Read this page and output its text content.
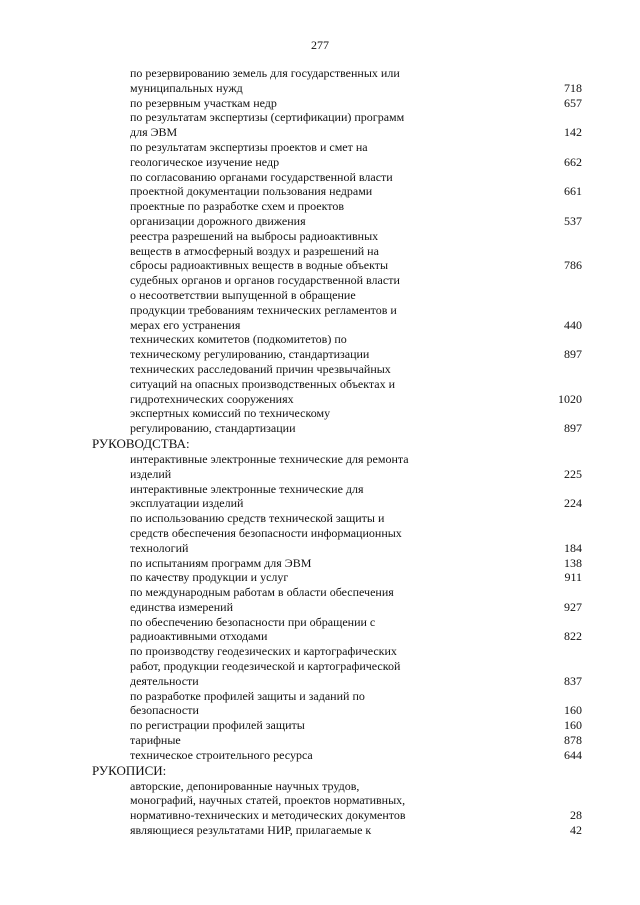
277
по резервированию земель для государственных или
муниципальных нужд	718
по резервным участкам недр	657
по результатам экспертизы (сертификации) программ
для ЭВМ	142
по результатам экспертизы проектов и смет на
геологическое изучение недр	662
по согласованию органами государственной власти
проектной документации пользования недрами	661
проектные по разработке схем и проектов
организации дорожного движения	537
реестра разрешений на выбросы радиоактивных
веществ в атмосферный воздух и разрешений на
сбросы радиоактивных веществ в водные объекты	786
судебных органов и органов государственной власти
о несоответствии выпущенной в обращение
продукции требованиям технических регламентов и
мерах его устранения	440
технических комитетов (подкомитетов) по
техническому регулированию, стандартизации	897
технических расследований причин чрезвычайных
ситуаций на опасных производственных объектах и
гидротехнических сооружениях	1020
экспертных комиссий по техническому
регулированию, стандартизации	897
РУКОВОДСТВА:
интерактивные электронные технические для ремонта
изделий	225
интерактивные электронные технические для
эксплуатации изделий	224
по использованию средств технической защиты и
средств обеспечения безопасности информационных
технологий	184
по испытаниям программ для ЭВМ	138
по качеству продукции и услуг	911
по международным работам в области обеспечения
единства измерений	927
по обеспечению безопасности при обращении с
радиоактивными отходами	822
по производству геодезических и картографических
работ, продукции геодезической и картографической
деятельности	837
по разработке профилей защиты и заданий по
безопасности	160
по регистрации профилей защиты	160
тарифные	878
техническое строительного ресурса	644
РУКОПИСИ:
авторские, депонированные научных трудов,
монографий, научных статей, проектов нормативных,
нормативно-технических и методических документов	28
являющиеся результатами НИР, прилагаемые к	42
